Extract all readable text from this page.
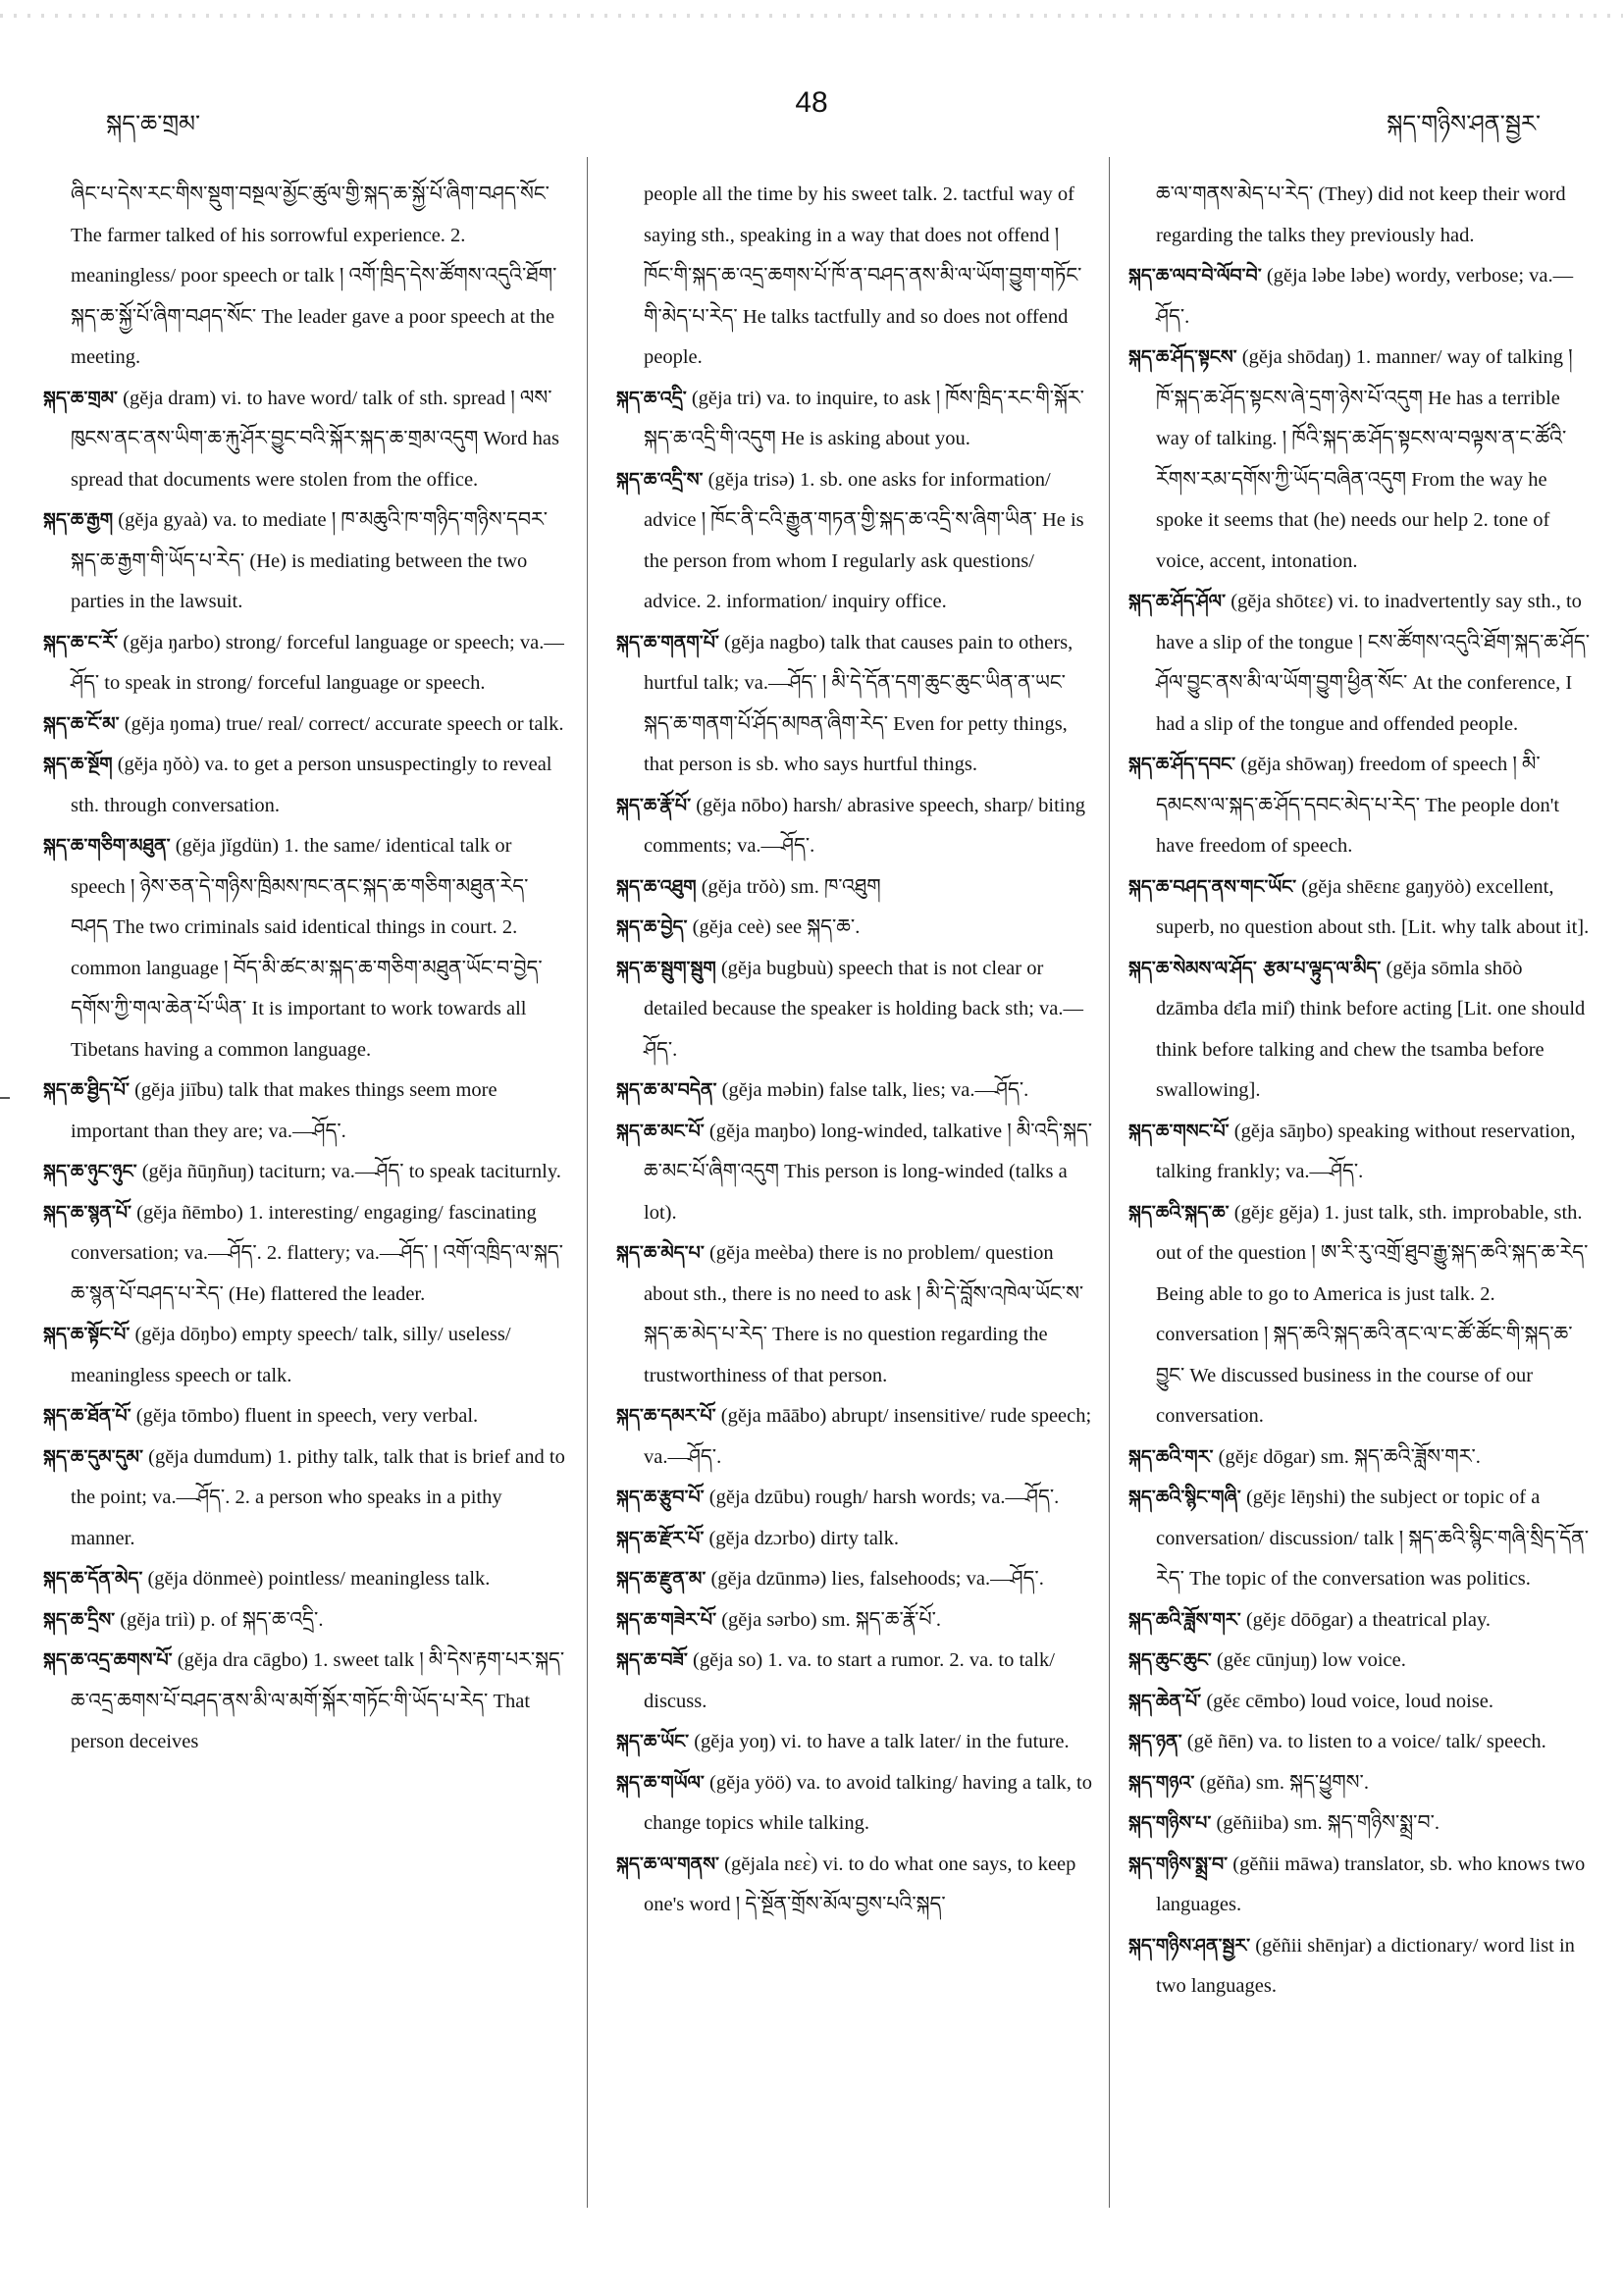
སྐད་ཆ་གྲམ་
48
སྐད་གཉིས་ཤན་སྦྱར་

ཞིང་པ་དེས་རང་གིས་སྡུག་བསྔལ་མྱོང་ཚུལ་གྱི་སྐད་ཆ་སྐྱོ་པོ་ཞིག་བཤད་སོང་ The farmer talked of his sorrowful experience. 2. meaningless/ poor speech or talk ། འགོ་ཁྲིད་དེས་ཚོགས་འདུའི་ཐོག་སྐད་ཆ་སྐྱོ་པོ་ཞིག་བཤད་སོང་ The leader gave a poor speech at the meeting.

སྐད་ཆ་གྲམ་ (gĕja dram) vi. to have word/ talk of sth. spread ། ལས་ཁུངས་ནང་ནས་ཡིག་ཆ་རྐུ་ཤོར་བྱུང་བའི་སྐོར་སྐད་ཆ་གྲམ་འདུག Word has spread that documents were stolen from the office.

སྐད་ཆ་རྒྱག (gĕja gyaà) va. to mediate ། ཁ་མཆུའི་ཁ་གཉིད་གཉིས་དབར་སྐད་ཆ་རྒྱག་གི་ཡོད་པ་རེད་ (He) is mediating between the two parties in the lawsuit.

སྐད་ཆ་ང་རོ་ (gĕja ŋarbo) strong/ forceful language or speech; va.—ཤོད་ to speak in strong/ forceful language or speech.

སྐད་ཆ་ངོ་མ་ (gĕja ŋoma) true/ real/ correct/ accurate speech or talk.

སྐད་ཆ་སྔོག (gĕja ŋŏò) va. to get a person unsuspectingly to reveal sth. through conversation.

སྐད་ཆ་གཅིག་མཐུན་ (gĕja jĭgdün) 1. the same/ identical talk or speech ། ཉེས་ཅན་དེ་གཉིས་ཁྲིམས་ཁང་ནང་སྐད་ཆ་གཅིག་མཐུན་རེད་བཤད The two criminals said identical things in court. 2. common language ། བོད་མི་ཚང་མ་སྐད་ཆ་གཅིག་མཐུན་ཡོང་བ་བྱེད་དགོས་ཀྱི་གལ་ཆེན་པོ་ཡིན་ It is important to work towards all Tibetans having a common language.

སྐད་ཆ་ཐྱིད་པོ་ (gĕja jiību) talk that makes things seem more important than they are; va.—ཤོད་.

སྐད་ཆ་ཉུང་ཉུང་ (gĕja ñūŋñuŋ) taciturn; va.—ཤོད་ to speak taciturnly.

སྐད་ཆ་སྙན་པོ་ (gĕja ñēmbo) 1. interesting/ engaging/ fascinating conversation; va.—ཤོད་. 2. flattery; va.—ཤོད་ ། འགོ་འཁྲིད་ལ་སྐད་ཆ་སྙན་པོ་བཤད་པ་རེད་ (He) flattered the leader.

སྐད་ཆ་སྟོང་པོ་ (gĕja dōŋbo) empty speech/ talk, silly/ useless/ meaningless speech or talk.

སྐད་ཆ་ཐོན་པོ་ (gĕja tōmbo) fluent in speech, very verbal.

སྐད་ཆ་དུམ་དུམ་ (gĕja dumdum) 1. pithy talk, talk that is brief and to the point; va.—ཤོད་. 2. a person who speaks in a pithy manner.

སྐད་ཆ་དོན་མེད་ (gĕja dönmeè) pointless/ meaningless talk.

སྐད་ཆ་དྲིས་ (gĕja triì) p. of སྐད་ཆ་འདྲི་.

སྐད་ཆ་འདྲ་ཆགས་པོ་ (gĕja dra cāgbo) 1. sweet talk ། མི་དེས་རྟག་པར་སྐད་ཆ་འདྲ་ཆགས་པོ་བཤད་ནས་མི་ལ་མགོ་སྐོར་གཏོང་གི་ཡོད་པ་རེད་ That person deceives

people all the time by his sweet talk. 2. tactful way of saying sth., speaking in a way that does not offend ། ཁོང་གི་སྐད་ཆ་འདྲ་ཆགས་པོ་ཁོ་ན་བཤད་ནས་མི་ལ་ཡོག་བྱུག་གཏོང་གི་མེད་པ་རེད་ He talks tactfully and so does not offend people.

སྐད་ཆ་འདྲི་ (gĕja tri) va. to inquire, to ask ། ཁོས་ཁྲིད་རང་གི་སྐོར་སྐད་ཆ་འདྲི་གི་འདུག He is asking about you.

སྐད་ཆ་འདྲི་ས་ (gĕja trisə) 1. sb. one asks for information/ advice ། ཁོང་ནི་ངའི་རྒྱུན་གཏན་གྱི་སྐད་ཆ་འདྲི་ས་ཞིག་ཡིན་ He is the person from whom I regularly ask questions/ advice. 2. information/ inquiry office.

སྐད་ཆ་གནག་པོ་ (gĕja nagbo) talk that causes pain to others, hurtful talk; va.—ཤོད་ ། མི་དེ་དོན་དག་ཆུང་ཆུང་ཡིན་ན་ཡང་སྐད་ཆ་གནག་པོ་ཤོད་མཁན་ཞིག་རེད་ Even for petty things, that person is sb. who says hurtful things.

སྐད་ཆ་རྣོ་པོ་ (gĕja nōbo) harsh/ abrasive speech, sharp/ biting comments; va.—ཤོད་.

སྐད་ཆ་འཐུག (gĕja trŏò) sm. ཁ་འཐུག

སྐད་ཆ་བྱེད་ (gĕja ceè) see སྐད་ཆ་.

སྐད་ཆ་སྦུག་སྦུག (gĕja bugbuù) speech that is not clear or detailed because the speaker is holding back sth; va.—ཤོད་.

སྐད་ཆ་མ་བདེན་ (gĕja məbin) false talk, lies; va.—ཤོད་.

སྐད་ཆ་མང་པོ་ (gĕja maŋbo) long-winded, talkative ། མི་འདི་སྐད་ཆ་མང་པོ་ཞིག་འདུག This person is long-winded (talks a lot).

སྐད་ཆ་མེད་པ་ (gĕja meèba) there is no problem/ question about sth., there is no need to ask ། མི་དེ་བློས་འཁེལ་ཡོང་ས་སྐད་ཆ་མེད་པ་རེད་ There is no question regarding the trustworthiness of that person.

སྐད་ཆ་དམར་པོ་ (gĕja māābo) abrupt/ insensitive/ rude speech; va.—ཤོད་.

སྐད་ཆ་རྩུབ་པོ་ (gĕja dzūbu) rough/ harsh words; va.—ཤོད་.

སྐད་ཆ་རྫོར་པོ་ (gĕja dzɔrbo) dirty talk.

སྐད་ཆ་རྫུན་མ་ (gĕja dzūnmə) lies, falsehoods; va.—ཤོད་.

སྐད་ཆ་གཟེར་པོ་ (gĕja sərbo) sm. སྐད་ཆ་རྣོ་པོ་.

སྐད་ཆ་བཟོ་ (gĕja so) 1. va. to start a rumor. 2. va. to talk/ discuss.

སྐད་ཆ་ཡོང་ (gĕja yoŋ) vi. to have a talk later/ in the future.

སྐད་ཆ་གཡོལ་ (gĕja yöö) va. to avoid talking/ having a talk, to change topics while talking.

སྐད་ཆ་ལ་གནས་ (gĕjala nɛɛ̀) vi. to do what one says, to keep one's word ། དེ་སྔོན་གྲོས་མོལ་བྱས་པའི་སྐད་

ཆ་ལ་གནས་མེད་པ་རེད་ (They) did not keep their word regarding the talks they previously had.

སྐད་ཆ་ལབ་བེ་ལོབ་བེ་ (gĕja ləbe ləbe) wordy, verbose; va.—ཤོད་.

སྐད་ཆ་ཤོད་སྟངས་ (gĕja shōdaŋ) 1. manner/ way of talking ། ཁོ་སྐད་ཆ་ཤོད་སྟངས་ཞེ་དྲག་ཉེས་པོ་འདུག He has a terrible way of talking. ། ཁོའི་སྐད་ཆ་ཤོད་སྟངས་ལ་བལྟས་ན་ང་ཚོའི་རོགས་རམ་དགོས་ཀྱི་ཡོད་བཞིན་འདུག From the way he spoke it seems that (he) needs our help 2. tone of voice, accent, intonation.

སྐད་ཆ་ཤོད་ཤོལ་ (gĕja shōtɛɛ) vi. to inadvertently say sth., to have a slip of the tongue ། ངས་ཚོགས་འདུའི་ཐོག་སྐད་ཆ་ཤོད་ཤོལ་བྱུང་ནས་མི་ལ་ཡོག་བྱུག་ཕྱིན་སོང་ At the conference, I had a slip of the tongue and offended people.

སྐད་ཆ་ཤོད་དབང་ (gĕja shōwaŋ) freedom of speech ། མི་དམངས་ལ་སྐད་ཆ་ཤོད་དབང་མེད་པ་རེད་ The people don't have freedom of speech.

སྐད་ཆ་བཤད་ནས་གང་ཡོང་ (gĕja shēɛnɛ gaŋyöò) excellent, superb, no question about sth. [Lit. why talk about it].

སྐད་ཆ་སེམས་ལ་ཤོད་ རྩམ་པ་ལྟུད་ལ་མིད་ (gĕja sōmla shōò dzāmba dɛ̄la mii̊) think before acting [Lit. one should think before talking and chew the tsamba before swallowing].

སྐད་ཆ་གསང་པོ་ (gĕja sāŋbo) speaking without reservation, talking frankly; va.—ཤོད་.

སྐད་ཆའི་སྐད་ཆ་ (gĕjɛ gĕja) 1. just talk, sth. improbable, sth. out of the question ། ཨ་རི་རུ་འགྲོ་ཐུབ་རྒྱུ་སྐད་ཆའི་སྐད་ཆ་རེད་ Being able to go to America is just talk. 2. conversation ། སྐད་ཆའི་སྐད་ཆའི་ནང་ལ་ང་ཚོ་ཚོང་གི་སྐད་ཆ་བྱུང་ We discussed business in the course of our conversation.

སྐད་ཆའི་གར་ (gĕjɛ dōgar) sm. སྐད་ཆའི་ཟློས་གར་.

སྐད་ཆའི་སྙིང་གཞི་ (gĕjɛ lēŋshi) the subject or topic of a conversation/ discussion/ talk ། སྐད་ཆའི་སྙིང་གཞི་སྲིད་དོན་རེད་ The topic of the conversation was politics.

སྐད་ཆའི་ཟློས་གར་ (gĕjɛ dōōgar) a theatrical play.

སྐད་ཆུང་ཆུང་ (gĕɛ cūnjuŋ) low voice.

སྐད་ཆེན་པོ་ (gĕɛ cēmbo) loud voice, loud noise.

སྐད་ཉན་ (gĕ ñēn) va. to listen to a voice/ talk/ speech.

སྐད་གཉའ་ (gĕña) sm. སྐད་ཕྱུགས་.

སྐད་གཉིས་པ་ (gĕñiiba) sm. སྐད་གཉིས་སྨྲ་བ་.

སྐད་གཉིས་སྨྲ་བ་ (gĕñii māwa) translator, sb. who knows two languages.

སྐད་གཉིས་ཤན་སྦྱར་ (gĕñii shēnjar) a dictionary/ word list in two languages.
